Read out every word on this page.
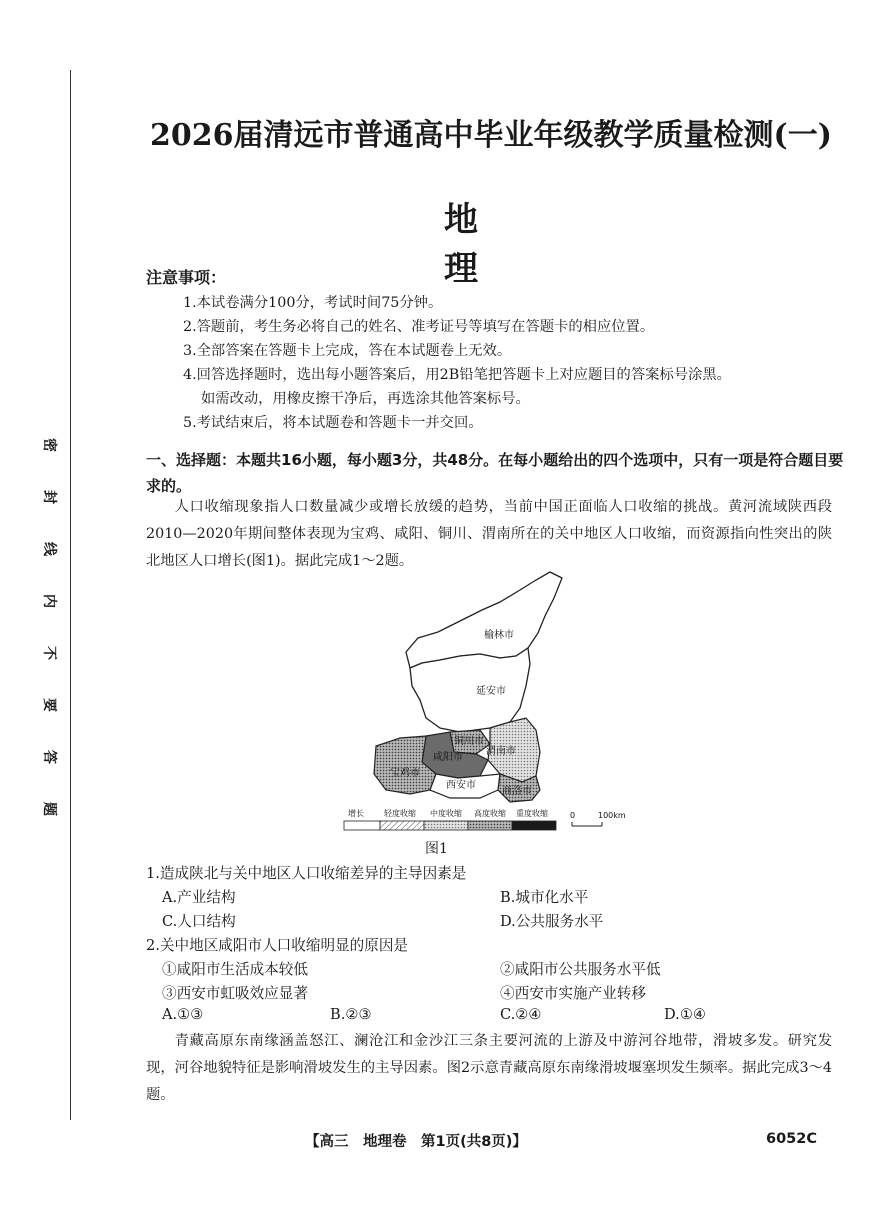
密
封
线
内
不
要
答
题
2026届清远市普通高中毕业年级教学质量检测(一)
地理
注意事项：
1.本试卷满分100分，考试时间75分钟。
2.答题前，考生务必将自己的姓名、准考证号等填写在答题卡的相应位置。
3.全部答案在答题卡上完成，答在本试题卷上无效。
4.回答选择题时，选出每小题答案后，用2B铅笔把答题卡上对应题目的答案标号涂黑。
如需改动，用橡皮擦干净后，再选涂其他答案标号。
5.考试结束后，将本试题卷和答题卡一并交回。
一、选择题：本题共16小题，每小题3分，共48分。在每小题给出的四个选项中，只有一项是符合题目要求的。
人口收缩现象指人口数量减少或增长放缓的趋势，当前中国正面临人口收缩的挑战。黄河流域陕西段2010—2020年期间整体表现为宝鸡、咸阳、铜川、渭南所在的关中地区人口收缩，而资源指向性突出的陕北地区人口增长(图1)。据此完成1～2题。
榆林市
延安市
铜川市
咸阳市
渭南市
宝鸡市
西安市
商洛市
增长	轻度收缩 中度收缩 高度收缩 重度收缩	0	100km
图1
1.造成陕北与关中地区人口收缩差异的主导因素是
A.产业结构	B.城市化水平
C.人口结构	D.公共服务水平
2.关中地区咸阳市人口收缩明显的原因是
①咸阳市生活成本较低	②咸阳市公共服务水平低
③西安市虹吸效应显著	④西安市实施产业转移
A.①③	B.②③	C.②④	D.①④
青藏高原东南缘涵盖怒江、澜沧江和金沙江三条主要河流的上游及中游河谷地带，滑坡多发。研究发现，河谷地貌特征是影响滑坡发生的主导因素。图2示意青藏高原东南缘滑坡堰塞坝发生频率。据此完成3～4题。
【高三　地理卷　第1页(共8页)】	6052C
